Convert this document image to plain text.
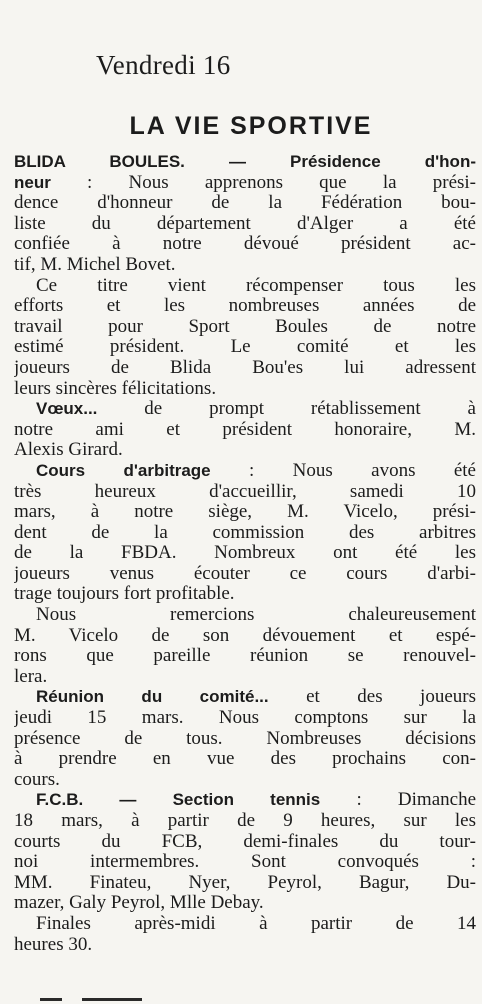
Vendredi 16
LA VIE SPORTIVE
BLIDA BOULES. — Présidence d'hon-
neur : Nous apprenons que la prési-
dence d'honneur de la Fédération bou-
liste du département d'Alger a été
confiée à notre dévoué président ac-
tif, M. Michel Bovet.
Ce titre vient récompenser tous les
efforts et les nombreuses années de
travail pour Sport Boules de notre
estimé président. Le comité et les
joueurs de Blida Bou'es lui adressent
leurs sincères félicitations.
Vœux... de prompt rétablissement à
notre ami et président honoraire, M.
Alexis Girard.
Cours d'arbitrage : Nous avons été
très heureux d'accueillir, samedi 10
mars, à notre siège, M. Vicelo, prési-
dent de la commission des arbitres
de la FBDA. Nombreux ont été les
joueurs venus écouter ce cours d'arbi-
trage toujours fort profitable.
Nous remercions chaleureusement
M. Vicelo de son dévouement et espé-
rons que pareille réunion se renouvel-
lera.
Réunion du comité... et des joueurs
jeudi 15 mars. Nous comptons sur la
présence de tous. Nombreuses décisions
à prendre en vue des prochains con-
cours.
F.C.B. — Section tennis : Dimanche
18 mars, à partir de 9 heures, sur les
courts du FCB, demi-finales du tour-
noi intermembres. Sont convoqués :
MM. Finateu, Nyer, Peyrol, Bagur, Du-
mazer, Galy Peyrol, Mlle Debay.
Finales après-midi à partir de 14
heures 30.
